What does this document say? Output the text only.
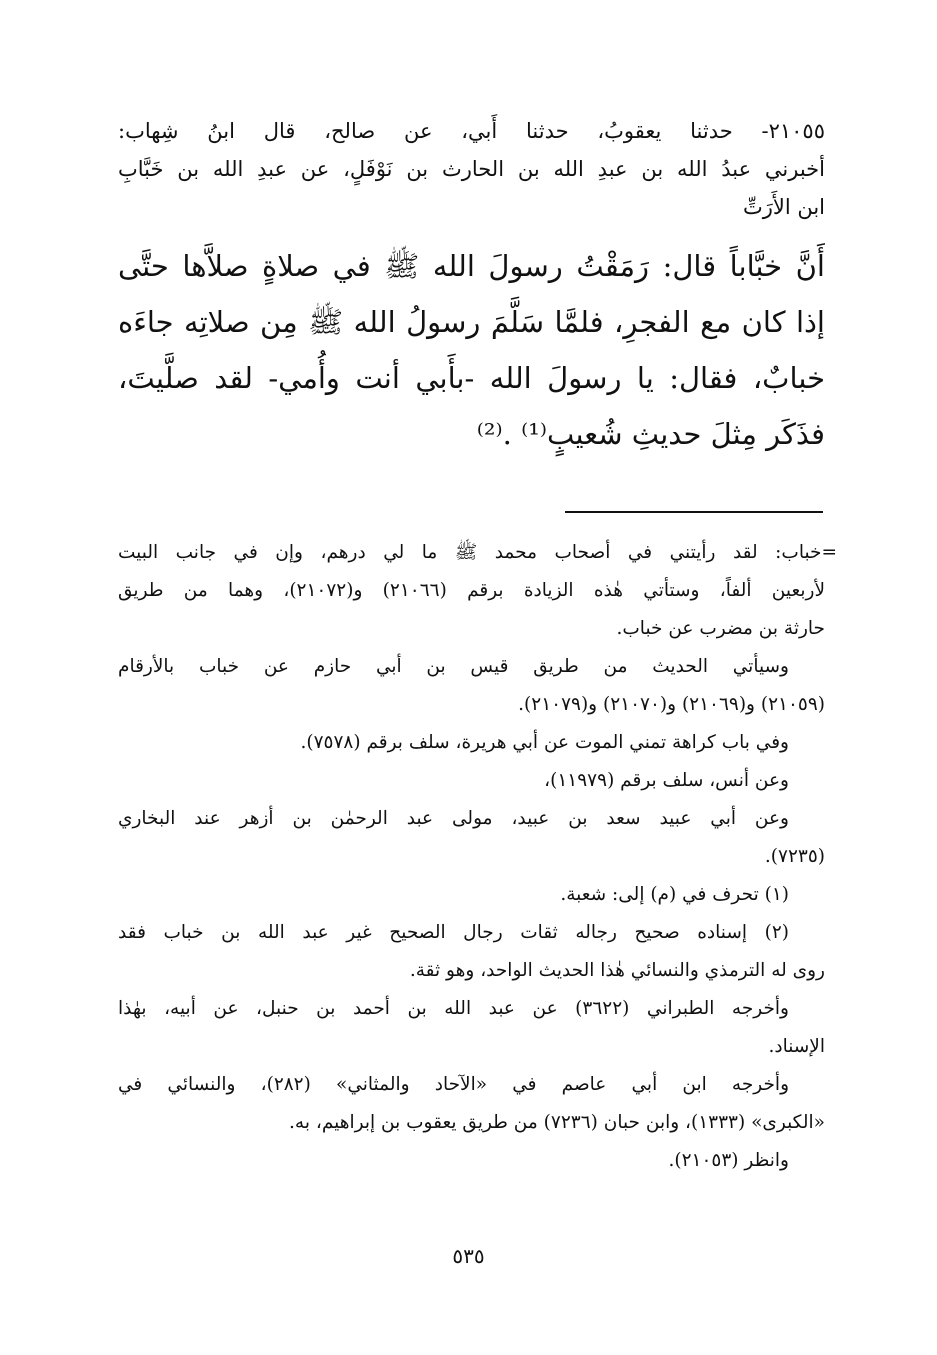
٢١٠٥٥- حدثنا يعقوبُ، حدثنا أَبي، عن صالح، قال ابنُ شِهاب:

أخبرني عبدُ الله بن عبدِ الله بن الحارث بن نَوْفَلٍ، عن عبدِ الله بن خَبَّابِ

ابن الأَرَتِّ

أَنَّ خبَّاباً قال: رَمَقْتُ رسولَ الله ﷺ في صلاةٍ صلاَّها حتَّى

إذا كان مع الفجرِ، فلمَّا سَلَّمَ رسولُ الله ﷺ مِن صلاتِه جاءَه

خبابٌ، فقال: يا رسولَ الله -بأَبي أنت وأُمي- لقد صلَّيتَ،

فذَكَر مِثلَ حديثِ شُعيبٍ⁽¹⁾ .⁽²⁾

=خباب: لقد رأيتني في أصحاب محمد ﷺ ما لي درهم، وإن في جانب البيت

لأربعين ألفاً، وستأتي هٰذه الزيادة برقم (٢١٠٦٦) و(٢١٠٧٢)، وهما من طريق

حارثة بن مضرب عن خباب.

وسيأتي الحديث من طريق قيس بن أبي حازم عن خباب بالأرقام

(٢١٠٥٩) و(٢١٠٦٩) و(٢١٠٧٠) و(٢١٠٧٩).

وفي باب كراهة تمني الموت عن أبي هريرة، سلف برقم (٧٥٧٨).

وعن أنس، سلف برقم (١١٩٧٩)،

وعن أبي عبيد سعد بن عبيد، مولى عبد الرحمٰن بن أزهر عند البخاري

(٧٢٣٥).

(١) تحرف في (م) إلى: شعبة.

(٢) إسناده صحيح رجاله ثقات رجال الصحيح غير عبد الله بن خباب فقد

روى له الترمذي والنسائي هٰذا الحديث الواحد، وهو ثقة.

وأخرجه الطبراني (٣٦٢٢) عن عبد الله بن أحمد بن حنبل، عن أبيه، بهٰذا

الإسناد.

وأخرجه ابن أبي عاصم في «الآحاد والمثاني» (٢٨٢)، والنسائي في

«الكبرى» (١٣٣٣)، وابن حبان (٧٢٣٦) من طريق يعقوب بن إبراهيم، به.

وانظر (٢١٠٥٣).

٥٣٥
